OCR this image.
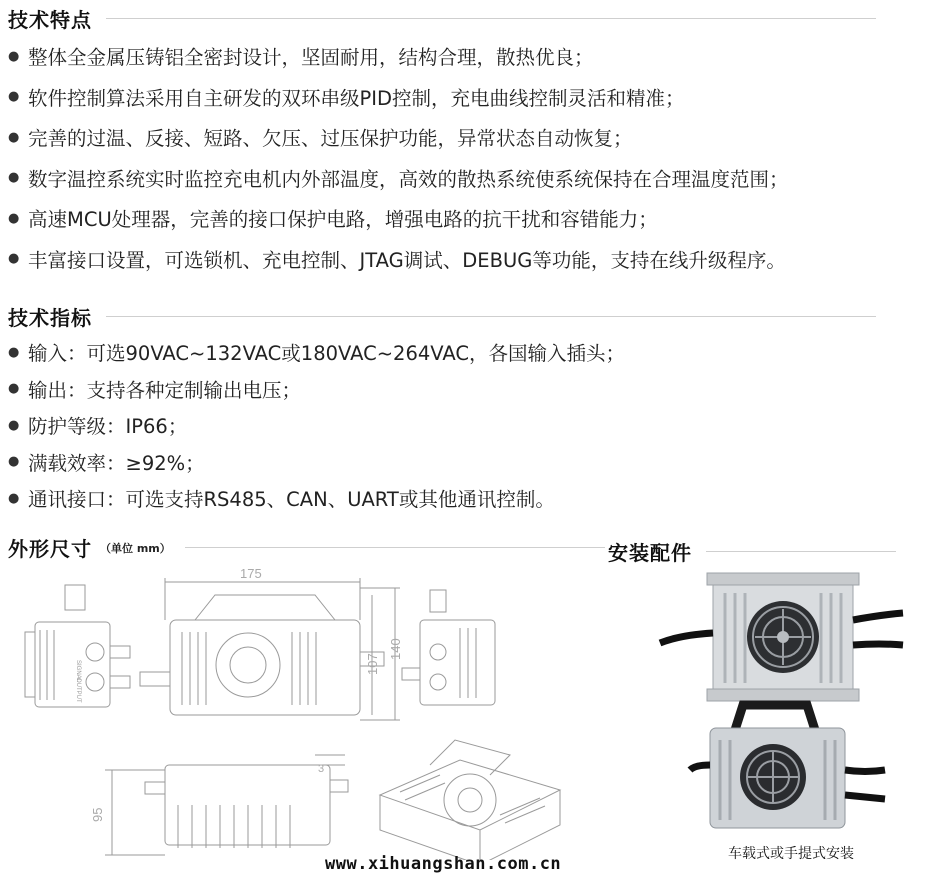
技术特点
● 整体全金属压铸铝全密封设计，坚固耐用，结构合理，散热优良；
● 软件控制算法采用自主研发的双环串级PID控制，充电曲线控制灵活和精准；
● 完善的过温、反接、短路、欠压、过压保护功能，异常状态自动恢复；
● 数字温控系统实时监控充电机内外部温度，高效的散热系统使系统保持在合理温度范围；
● 高速MCU处理器，完善的接口保护电路，增强电路的抗干扰和容错能力；
● 丰富接口设置，可选锁机、充电控制、JTAG调试、DEBUG等功能，支持在线升级程序。
技术指标
● 输入：可选90VAC~132VAC或180VAC~264VAC，各国输入插头；
● 输出：支持各种定制输出电压；
● 防护等级：IP66；
● 满载效率：≥92%；
● 通讯接口：可选支持RS485、CAN、UART或其他通讯控制。
外形尺寸 （单位 mm）	安装配件
SIGNAL
OUTPUT
175
107
140
3
95
车载式或手提式安装
www.xihuangshan.com.cn
